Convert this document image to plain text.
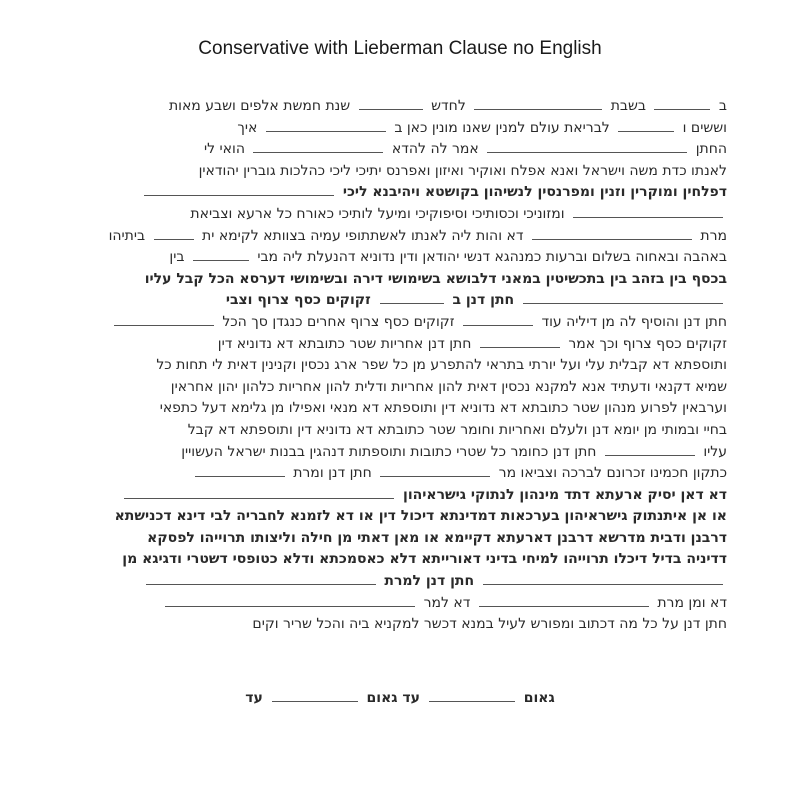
Conservative with Lieberman Clause no English
ב  בשבת  לחדש  שנת חמשת אלפים ושבע מאות
וששים ו  לבריאת עולם למנין שאנו מונין כאן ב  איך
החתן  אמר לה להדא  הואי לי
לאנתו כדת משה וישראל ואנא אפלח ואוקיר ואיזון ואפרנס יתיכי ליכי כהלכות גוברין יהודאין
דפלחין ומוקרין וזנין ומפרנסין לנשיהון בקושטא ויהיבנא ליכי
ומזוניכי וכסותיכי וסיפוקיכי ומיעל לותיכי כאורח כל ארעא וצביאת
מרת  דא והות ליה לאנתו לאשתתופי עמיה בצוותא לקימא ית  ביתיהו
באהבה ובאחוה בשלום וברעות כמנהגא דנשי יהודאן ודין נדוניא דהנעלת ליה מבי  בין
בכסף בין בזהב בין בתכשיטין במאני דלבושא בשימושי דירה ובשימושי דערסא הכל קבל עליו
חתן דנן ב  זקוקים כסף צרוף וצבי
חתן דנן והוסיף לה מן דיליה עוד  זקוקים כסף צרוף אחרים כנגדן סך הכל
זקוקים כסף צרוף וכך אמר  חתן דנן אחריות שטר כתובתא דא נדוניא דין
ותוספתא דא קבלית עלי ועל יורתי בתראי להתפרע מן כל שפר ארג נכסין וקנינין דאית לי תחות כל
שמיא דקנאי ודעתיד אנא למקנא נכסין דאית להון אחריות ודלית להון אחריות כלהון יהון אחראין
וערבאין לפרוע מנהון שטר כתובתא דא נדוניא דין ותוספתא דא מנאי ואפילו מן גלימא דעל כתפאי
בחיי ובמותי מן יומא דנן ולעלם ואחריות וחומר שטר כתובתא דא נדוניא דין ותוספתא דא קבל
עליו  חתן דנן כחומר כל שטרי כתובות ותוספתות דנהגין בבנות ישראל העשויין
כתקון חכמינו זכרונם לברכה וצביאו מר  חתן דנן ומרת
דא דאן יסיק ארעתא דתד מינהון לנתוקי גישראיהון
או אן איתנתוק גישראיהון בערכאות דמדינתא דיכול דין או דא לזמנא לחבריה לבי דינא דכנישתא
דרבנן ודבית מדרשא דרבנן דארעתא דקיימא או מאן דאתי מן חילה וליצותו תרוייהו לפסקא
דדיניה בדיל דיכלו תרוייהו למיחי בדיני דאורייתא דלא כאסמכתא ודלא כטופסי דשטרי ודגיגא מן
חתן דנן למרת
דא ומן מרת  דא למר
חתן דנן על כל מה דכתוב ומפורש לעיל במנא דכשר למקניא ביה והכל שריר וקים
גאום  עד גאום  עד
